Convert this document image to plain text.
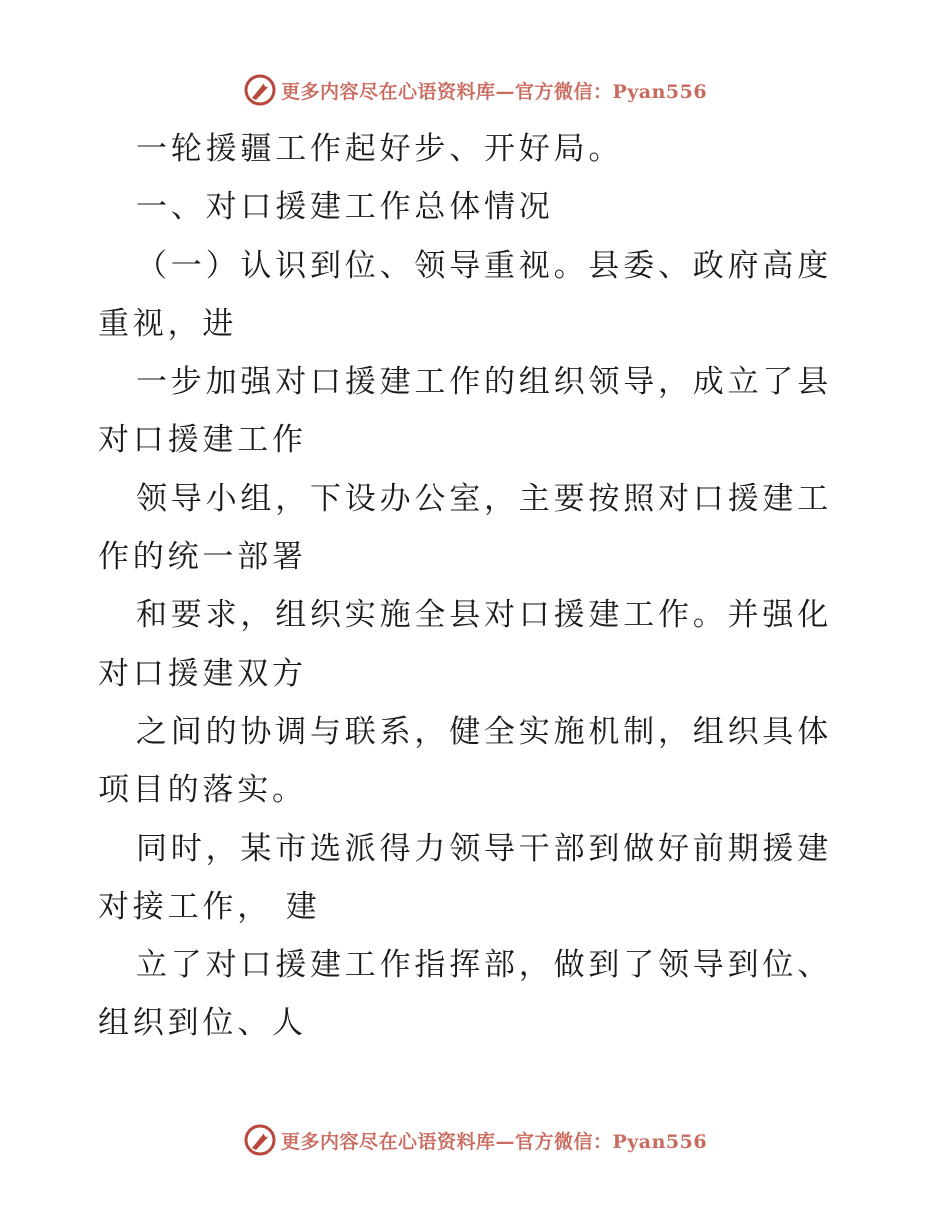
更多内容尽在心语资料库—官方微信：Pyan556

一轮援疆工作起好步、开好局。

一、对口援建工作总体情况

（一）认识到位、领导重视。县委、政府高度重视，进

一步加强对口援建工作的组织领导，成立了县对口援建工作

领导小组，下设办公室，主要按照对口援建工作的统一部署

和要求，组织实施全县对口援建工作。并强化对口援建双方

之间的协调与联系，健全实施机制，组织具体项目的落实。

同时，某市选派得力领导干部到做好前期援建对接工作， 建

立了对口援建工作指挥部，做到了领导到位、组织到位、人

更多内容尽在心语资料库—官方微信：Pyan556
